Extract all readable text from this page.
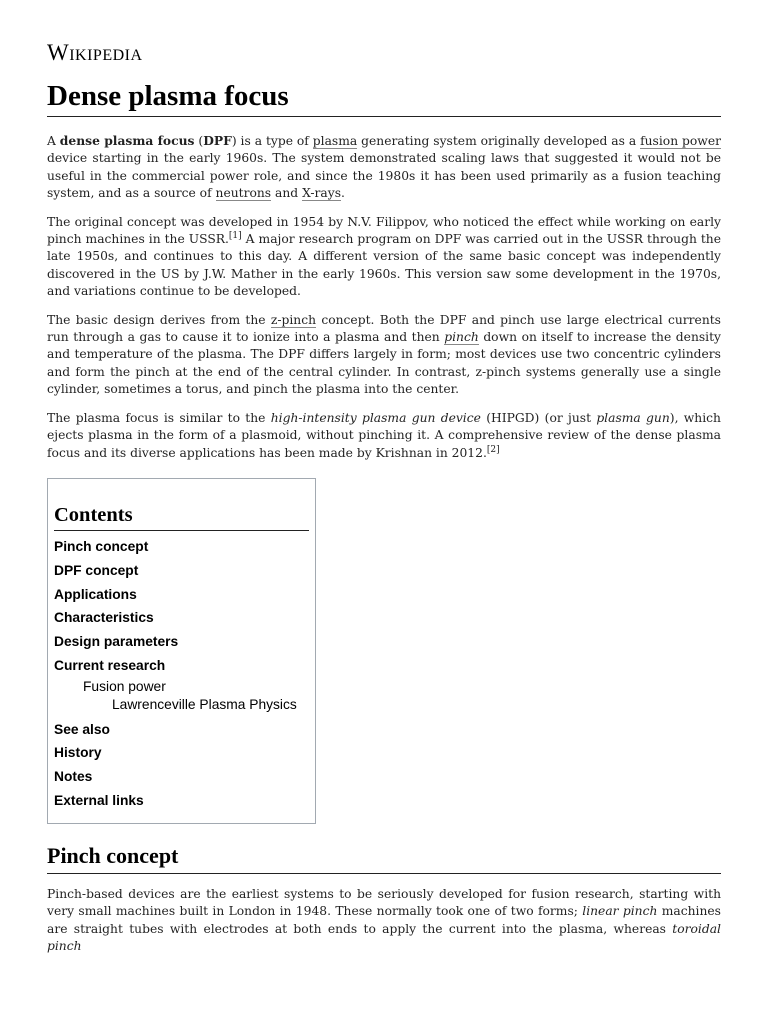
Wikipedia
Dense plasma focus

A dense plasma focus (DPF) is a type of plasma generating system originally developed as a fusion power device starting in the early 1960s. The system demonstrated scaling laws that suggested it would not be useful in the commercial power role, and since the 1980s it has been used primarily as a fusion teaching system, and as a source of neutrons and X-rays.

The original concept was developed in 1954 by N.V. Filippov, who noticed the effect while working on early pinch machines in the USSR.[1] A major research program on DPF was carried out in the USSR through the late 1950s, and continues to this day. A different version of the same basic concept was independently discovered in the US by J.W. Mather in the early 1960s. This version saw some development in the 1970s, and variations continue to be developed.

The basic design derives from the z-pinch concept. Both the DPF and pinch use large electrical currents run through a gas to cause it to ionize into a plasma and then pinch down on itself to increase the density and temperature of the plasma. The DPF differs largely in form; most devices use two concentric cylinders and form the pinch at the end of the central cylinder. In contrast, z-pinch systems generally use a single cylinder, sometimes a torus, and pinch the plasma into the center.

The plasma focus is similar to the high-intensity plasma gun device (HIPGD) (or just plasma gun), which ejects plasma in the form of a plasmoid, without pinching it. A comprehensive review of the dense plasma focus and its diverse applications has been made by Krishnan in 2012.[2]

Contents
Pinch concept
DPF concept
Applications
Characteristics
Design parameters
Current research
Fusion power
Lawrenceville Plasma Physics
See also
History
Notes
External links
Pinch concept

Pinch-based devices are the earliest systems to be seriously developed for fusion research, starting with very small machines built in London in 1948. These normally took one of two forms; linear pinch machines are straight tubes with electrodes at both ends to apply the current into the plasma, whereas toroidal pinch
